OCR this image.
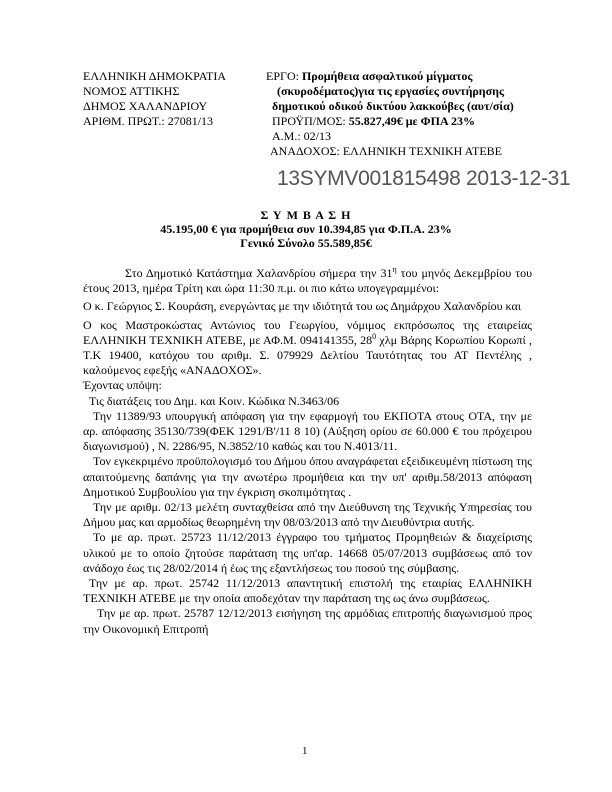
ΕΛΛΗΝΙΚΗ ΔΗΜΟΚΡΑΤΙΑ
ΝΟΜΟΣ ΑΤΤΙΚΗΣ
ΔΗΜΟΣ ΧΑΛΑΝΔΡΙΟΥ
ΑΡΙΘΜ. ΠΡΩΤ.: 27081/13
ΕΡΓΟ: Προμήθεια ασφαλτικού μίγματος
(σκυροδέματος)για τις εργασίες συντήρησης
δημοτικού οδικού δικτύου λακκούβες (αυτ/σία)
ΠΡΟΫΠ/ΜΟΣ: 55.827,49€ με ΦΠΑ 23%
Α.Μ.: 02/13
ΑΝΑΔΟΧΟΣ: ΕΛΛΗΝΙΚΗ ΤΕΧΝΙΚΗ ΑΤΕΒΕ
13SYMV001815498 2013-12-31
Σ Υ Μ Β Α Σ Η
45.195,00 € για προμήθεια συν 10.394,85 για Φ.Π.Α. 23%
Γενικό Σύνολο 55.589,85€

Στο Δημοτικό Κατάστημα Χαλανδρίου σήμερα την $31^\eta$ του μηνός Δεκεμβρίου του έτους 2013, ημέρα Τρίτη και ώρα 11:30 π.μ. οι πιο κάτω υπογεγραμμένοι:

Ο κ. Γεώργιος Σ. Κουράση, ενεργώντας με την ιδιότητά του ως Δημάρχου Χαλανδρίου και

Ο κος Μαστροκώστας Αντώνιος του Γεωργίου, νόμιμος εκπρόσωπος της εταιρείας ΕΛΛΗΝΙΚΗ ΤΕΧΝΙΚΗ ΑΤΕΒΕ, με ΑΦ.Μ. 094141355, $28^0$ χλμ Βάρης Κορωπίου Κορωπί , Τ.Κ 19400, κατόχου του αριθμ. Σ. 079929 Δελτίου Ταυτότητας του ΑΤ Πεντέλης , καλούμενος εφεξής «ΑΝΑΔΟΧΟΣ».

Έχοντας υπόψη:

Τις διατάξεις του Δημ. και Κοιν. Κώδικα Ν.3463/06

Την 11389/93 υπουργική απόφαση για την εφαρμογή του ΕΚΠΟΤΑ στους ΟΤΑ, την με αρ. απόφασης 35130/739(ΦΕΚ 1291/Β'/11 8 10) (Αύξηση ορίου σε 60.000 € του πρόχειρου διαγωνισμού) , Ν. 2286/95, Ν.3852/10 καθώς και του Ν.4013/11.

Τον εγκεκριμένο προϋπολογισμό του Δήμου όπου αναγράφεται εξειδικευμένη πίστωση της απαιτούμενης δαπάνης για την ανωτέρω προμήθεια και την υπ' αριθμ.58/2013 απόφαση Δημοτικού Συμβουλίου για την έγκριση σκοπιμότητας .

Την με αριθμ. 02/13 μελέτη συνταχθείσα από την Διεύθυνση της Τεχνικής Υπηρεσίας του Δήμου μας και αρμοδίως θεωρημένη την 08/03/2013 από την Διευθύντρια αυτής.

Το με αρ. πρωτ. 25723 11/12/2013 έγγραφο του τμήματος Προμηθειών & διαχείρισης υλικού με το οποίο ζητούσε παράταση της υπ'αρ. 14668 05/07/2013 συμβάσεως από τον ανάδοχο έως τις 28/02/2014 ή έως της εξαντλήσεως του ποσού της σύμβασης.

Την με αρ. πρωτ. 25742 11/12/2013 απαντητική επιστολή της εταιρίας ΕΛΛΗΝΙΚΗ ΤΕΧΝΙΚΗ ΑΤΕΒΕ με την οποία αποδεχόταν την παράταση της ως άνω συμβάσεως.

Την με αρ. πρωτ. 25787 12/12/2013 εισήγηση της αρμόδιας επιτροπής διαγωνισμού προς την Οικονομική Επιτροπή

1
